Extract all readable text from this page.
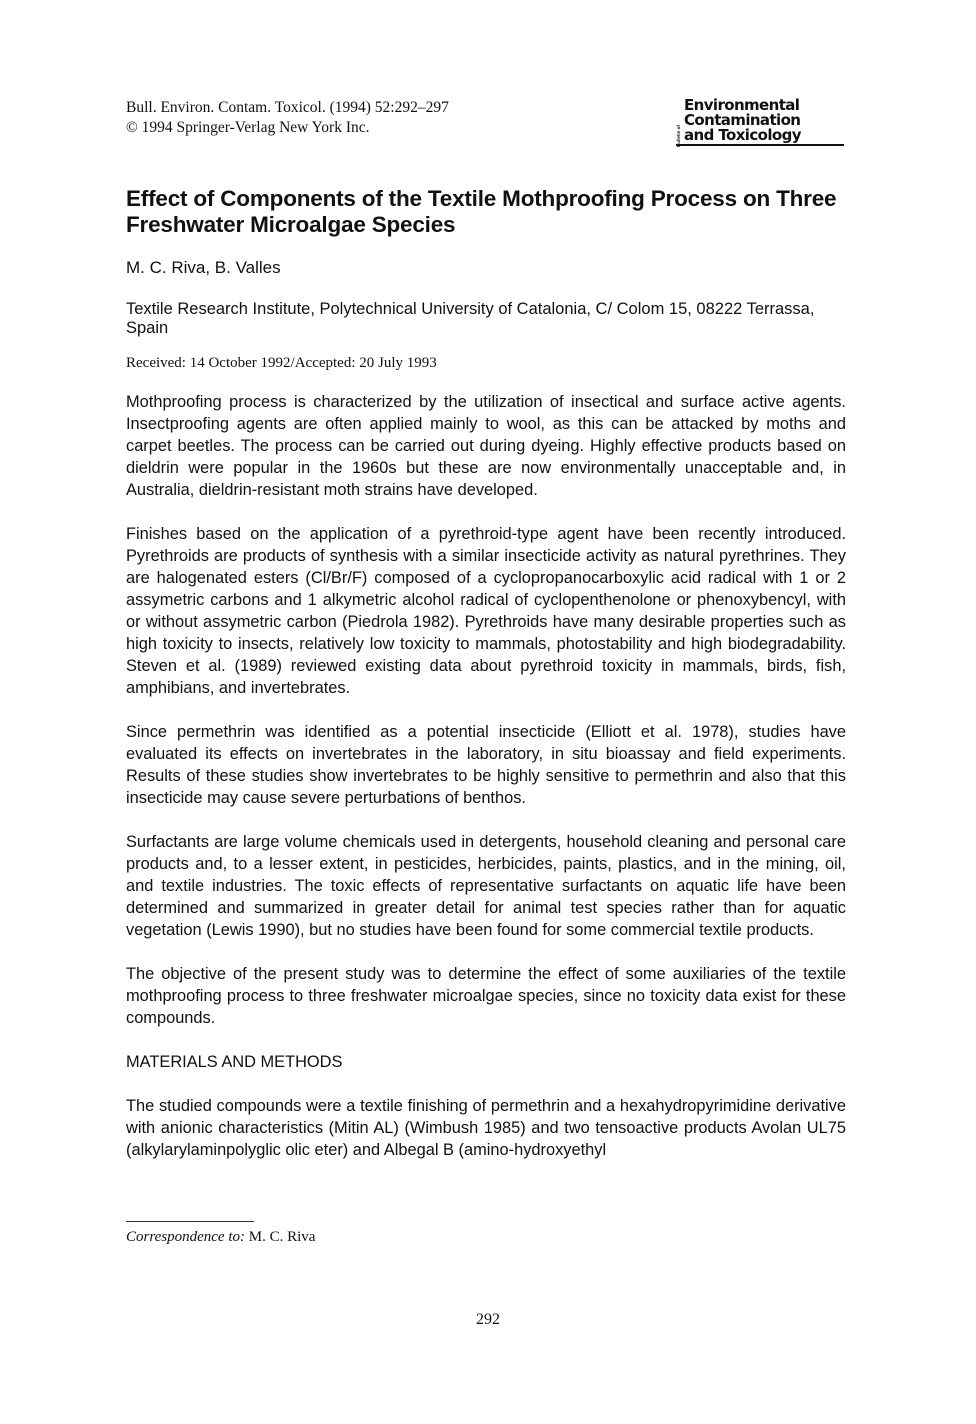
Bull. Environ. Contam. Toxicol. (1994) 52:292–297
© 1994 Springer-Verlag New York Inc.	Bulletin of
Environmental
Contamination
and Toxicology
Effect of Components of the Textile Mothproofing Process on Three Freshwater Microalgae Species
M. C. Riva, B. Valles
Textile Research Institute, Polytechnical University of Catalonia, C/ Colom 15, 08222 Terrassa, Spain
Received: 14 October 1992/Accepted: 20 July 1993

Mothproofing process is characterized by the utilization of insectical and surface active agents. Insectproofing agents are often applied mainly to wool, as this can be attacked by moths and carpet beetles. The process can be carried out during dyeing. Highly effective products based on dieldrin were popular in the 1960s but these are now environmentally unacceptable and, in Australia, dieldrin-resistant moth strains have developed.

Finishes based on the application of a pyrethroid-type agent have been recently introduced. Pyrethroids are products of synthesis with a similar insecticide activity as natural pyrethrines. They are halogenated esters (Cl/Br/F) composed of a cyclopropanocarboxylic acid radical with 1 or 2 assymetric carbons and 1 alkymetric alcohol radical of cyclopenthenolone or phenoxybencyl, with or without assymetric carbon (Piedrola 1982). Pyrethroids have many desirable properties such as high toxicity to insects, relatively low toxicity to mammals, photostability and high biodegradability. Steven et al. (1989) reviewed existing data about pyrethroid toxicity in mammals, birds, fish, amphibians, and invertebrates.

Since permethrin was identified as a potential insecticide (Elliott et al. 1978), studies have evaluated its effects on invertebrates in the laboratory, in situ bioassay and field experiments. Results of these studies show invertebrates to be highly sensitive to permethrin and also that this insecticide may cause severe perturbations of benthos.

Surfactants are large volume chemicals used in detergents, household cleaning and personal care products and, to a lesser extent, in pesticides, herbicides, paints, plastics, and in the mining, oil, and textile industries. The toxic effects of representative surfactants on aquatic life have been determined and summarized in greater detail for animal test species rather than for aquatic vegetation (Lewis 1990), but no studies have been found for some commercial textile products.

The objective of the present study was to determine the effect of some auxiliaries of the textile mothproofing process to three freshwater microalgae species, since no toxicity data exist for these compounds.

MATERIALS AND METHODS

The studied compounds were a textile finishing of permethrin and a hexahydropyrimidine derivative with anionic characteristics (Mitin AL) (Wimbush 1985) and two tensoactive products Avolan UL75 (alkylarylaminpolyglic olic eter) and Albegal B (amino-hydroxyethyl

Correspondence to: M. C. Riva
292
